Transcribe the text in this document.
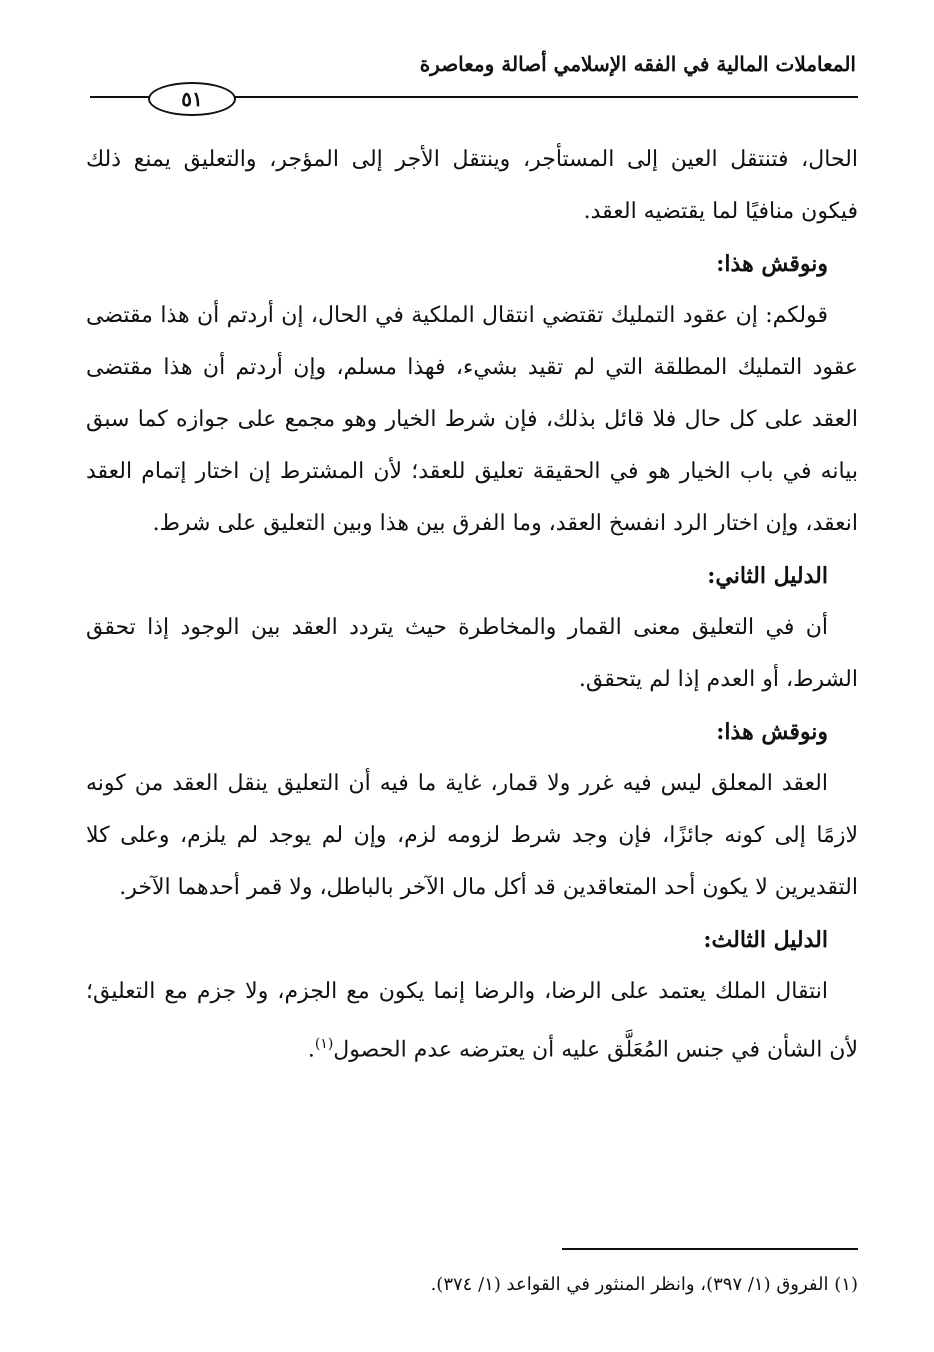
المعاملات المالية في الفقه الإسلامي أصالة ومعاصرة
٥١

الحال، فتنتقل العين إلى المستأجر، وينتقل الأجر إلى المؤجر، والتعليق يمنع ذلك فيكون منافيًا لما يقتضيه العقد.

ونوقش هذا:

قولكم: إن عقود التمليك تقتضي انتقال الملكية في الحال، إن أردتم أن هذا مقتضى عقود التمليك المطلقة التي لم تقيد بشيء، فهذا مسلم، وإن أردتم أن هذا مقتضى العقد على كل حال فلا قائل بذلك، فإن شرط الخيار وهو مجمع على جوازه كما سبق بيانه في باب الخيار هو في الحقيقة تعليق للعقد؛ لأن المشترط إن اختار إتمام العقد انعقد، وإن اختار الرد انفسخ العقد، وما الفرق بين هذا وبين التعليق على شرط.

الدليل الثاني:

أن في التعليق معنى القمار والمخاطرة حيث يتردد العقد بين الوجود إذا تحقق الشرط، أو العدم إذا لم يتحقق.

ونوقش هذا:

العقد المعلق ليس فيه غرر ولا قمار، غاية ما فيه أن التعليق ينقل العقد من كونه لازمًا إلى كونه جائزًا، فإن وجد شرط لزومه لزم، وإن لم يوجد لم يلزم، وعلى كلا التقديرين لا يكون أحد المتعاقدين قد أكل مال الآخر بالباطل، ولا قمر أحدهما الآخر.

الدليل الثالث:

انتقال الملك يعتمد على الرضا، والرضا إنما يكون مع الجزم، ولا جزم مع التعليق؛ لأن الشأن في جنس المُعَلَّق عليه أن يعترضه عدم الحصول$^{(١)}$.

(١) الفروق (١/ ٣٩٧)، وانظر المنثور في القواعد (١/ ٣٧٤).
